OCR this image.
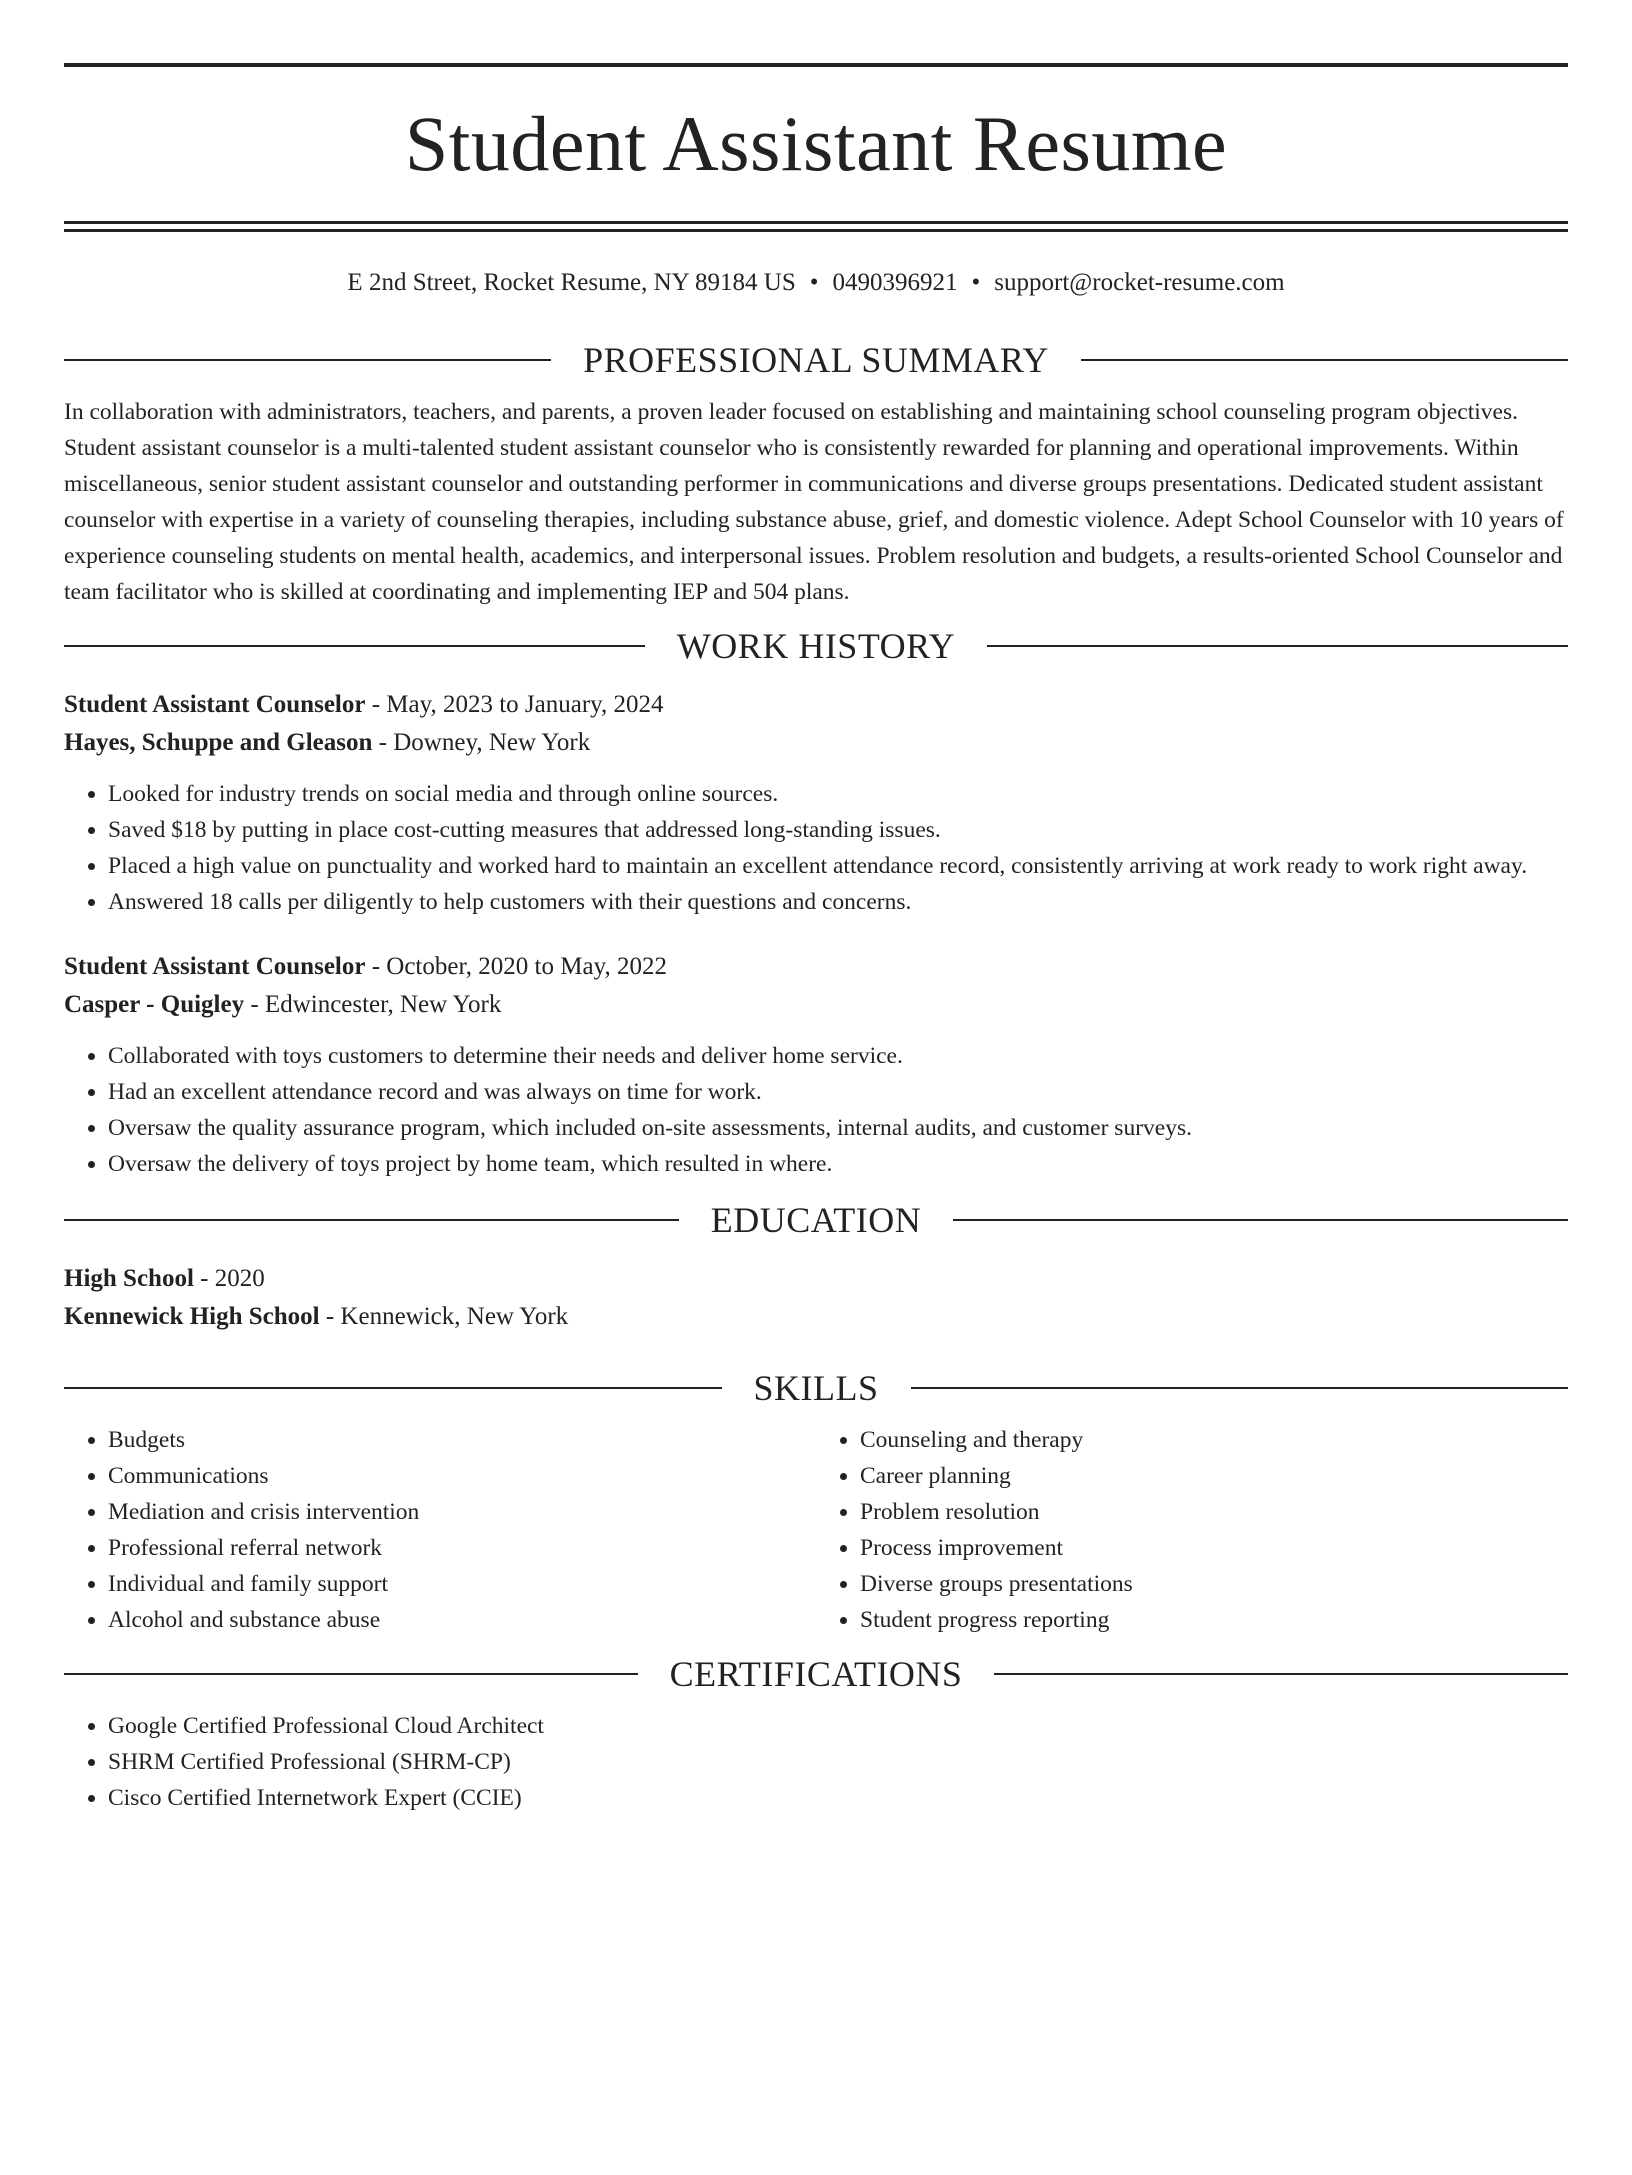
Student Assistant Resume
E 2nd Street, Rocket Resume, NY 89184 US • 0490396921 • support@rocket-resume.com
PROFESSIONAL SUMMARY

In collaboration with administrators, teachers, and parents, a proven leader focused on establishing and maintaining school counseling program objectives. Student assistant counselor is a multi-talented student assistant counselor who is consistently rewarded for planning and operational improvements. Within miscellaneous, senior student assistant counselor and outstanding performer in communications and diverse groups presentations. Dedicated student assistant counselor with expertise in a variety of counseling therapies, including substance abuse, grief, and domestic violence. Adept School Counselor with 10 years of experience counseling students on mental health, academics, and interpersonal issues. Problem resolution and budgets, a results-oriented School Counselor and team facilitator who is skilled at coordinating and implementing IEP and 504 plans.

WORK HISTORY
Student Assistant Counselor - May, 2023 to January, 2024
Hayes, Schuppe and Gleason - Downey, New York
• Looked for industry trends on social media and through online sources.
• Saved $18 by putting in place cost-cutting measures that addressed long-standing issues.
• Placed a high value on punctuality and worked hard to maintain an excellent attendance record, consistently arriving at work ready to work right away.
• Answered 18 calls per diligently to help customers with their questions and concerns.
Student Assistant Counselor - October, 2020 to May, 2022
Casper - Quigley - Edwincester, New York
• Collaborated with toys customers to determine their needs and deliver home service.
• Had an excellent attendance record and was always on time for work.
• Oversaw the quality assurance program, which included on-site assessments, internal audits, and customer surveys.
• Oversaw the delivery of toys project by home team, which resulted in where.
EDUCATION
High School - 2020
Kennewick High School - Kennewick, New York
SKILLS
• Budgets
• Communications
• Mediation and crisis intervention
• Professional referral network
• Individual and family support
• Alcohol and substance abuse
• Counseling and therapy
• Career planning
• Problem resolution
• Process improvement
• Diverse groups presentations
• Student progress reporting
CERTIFICATIONS
• Google Certified Professional Cloud Architect
• SHRM Certified Professional (SHRM-CP)
• Cisco Certified Internetwork Expert (CCIE)
